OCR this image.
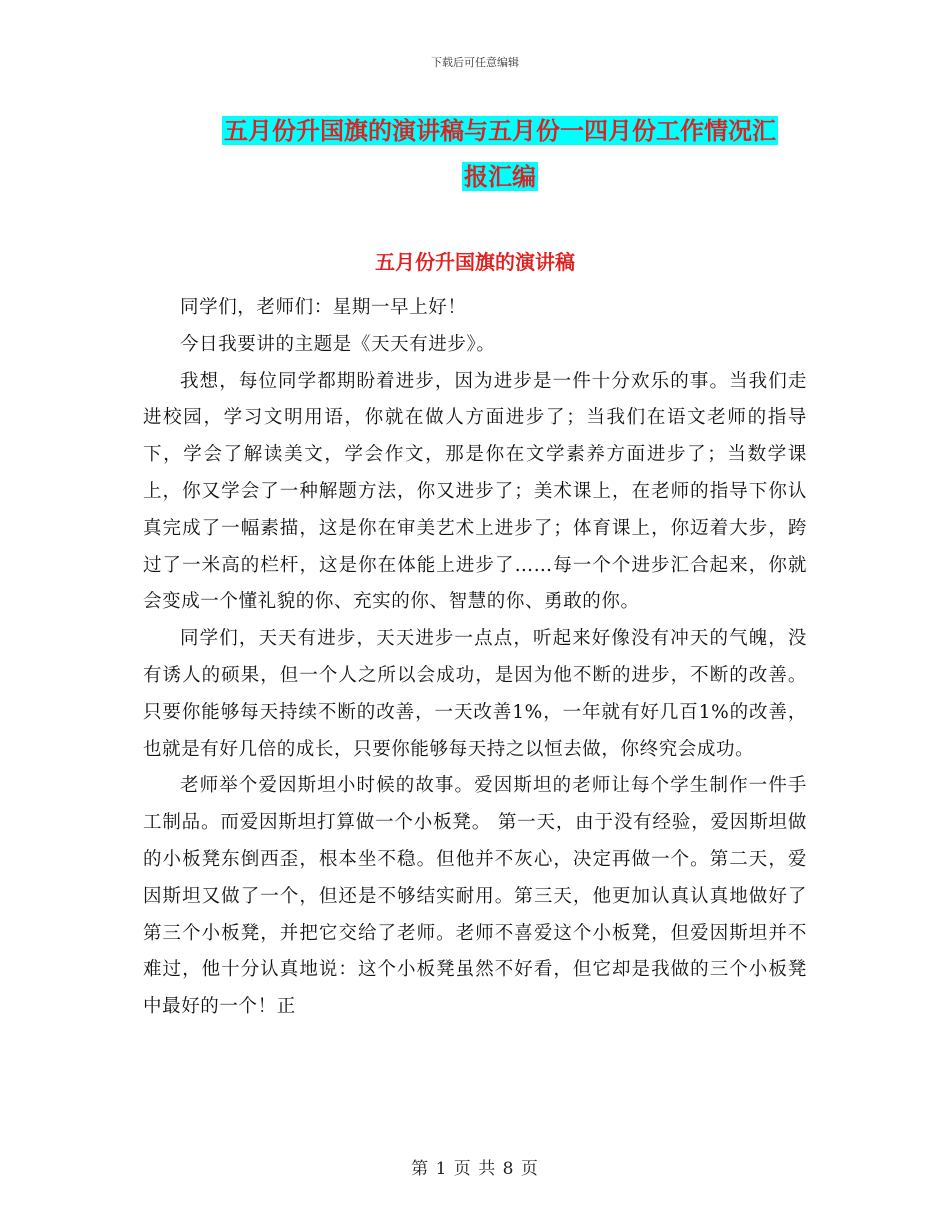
下载后可任意编辑
五月份升国旗的演讲稿与五月份一四月份工作情况汇
报汇编
五月份升国旗的演讲稿

同学们，老师们：星期一早上好！

今日我要讲的主题是《天天有进步》。

我想，每位同学都期盼着进步，因为进步是一件十分欢乐的事。当我们走进校园，学习文明用语，你就在做人方面进步了；当我们在语文老师的指导下，学会了解读美文，学会作文，那是你在文学素养方面进步了；当数学课上，你又学会了一种解题方法，你又进步了；美术课上，在老师的指导下你认真完成了一幅素描，这是你在审美艺术上进步了；体育课上，你迈着大步，跨过了一米高的栏杆，这是你在体能上进步了……每一个个进步汇合起来，你就会变成一个懂礼貌的你、充实的你、智慧的你、勇敢的你。

同学们，天天有进步，天天进步一点点，听起来好像没有冲天的气魄，没有诱人的硕果，但一个人之所以会成功，是因为他不断的进步，不断的改善。只要你能够每天持续不断的改善，一天改善1%，一年就有好几百1%的改善，也就是有好几倍的成长，只要你能够每天持之以恒去做，你终究会成功。

老师举个爱因斯坦小时候的故事。爱因斯坦的老师让每个学生制作一件手工制品。而爱因斯坦打算做一个小板凳。 第一天，由于没有经验，爱因斯坦做的小板凳东倒西歪，根本坐不稳。但他并不灰心，决定再做一个。第二天，爱因斯坦又做了一个，但还是不够结实耐用。第三天，他更加认真认真地做好了第三个小板凳，并把它交给了老师。老师不喜爱这个小板凳，但爱因斯坦并不难过，他十分认真地说：这个小板凳虽然不好看，但它却是我做的三个小板凳中最好的一个！正

第 1 页 共 8 页
